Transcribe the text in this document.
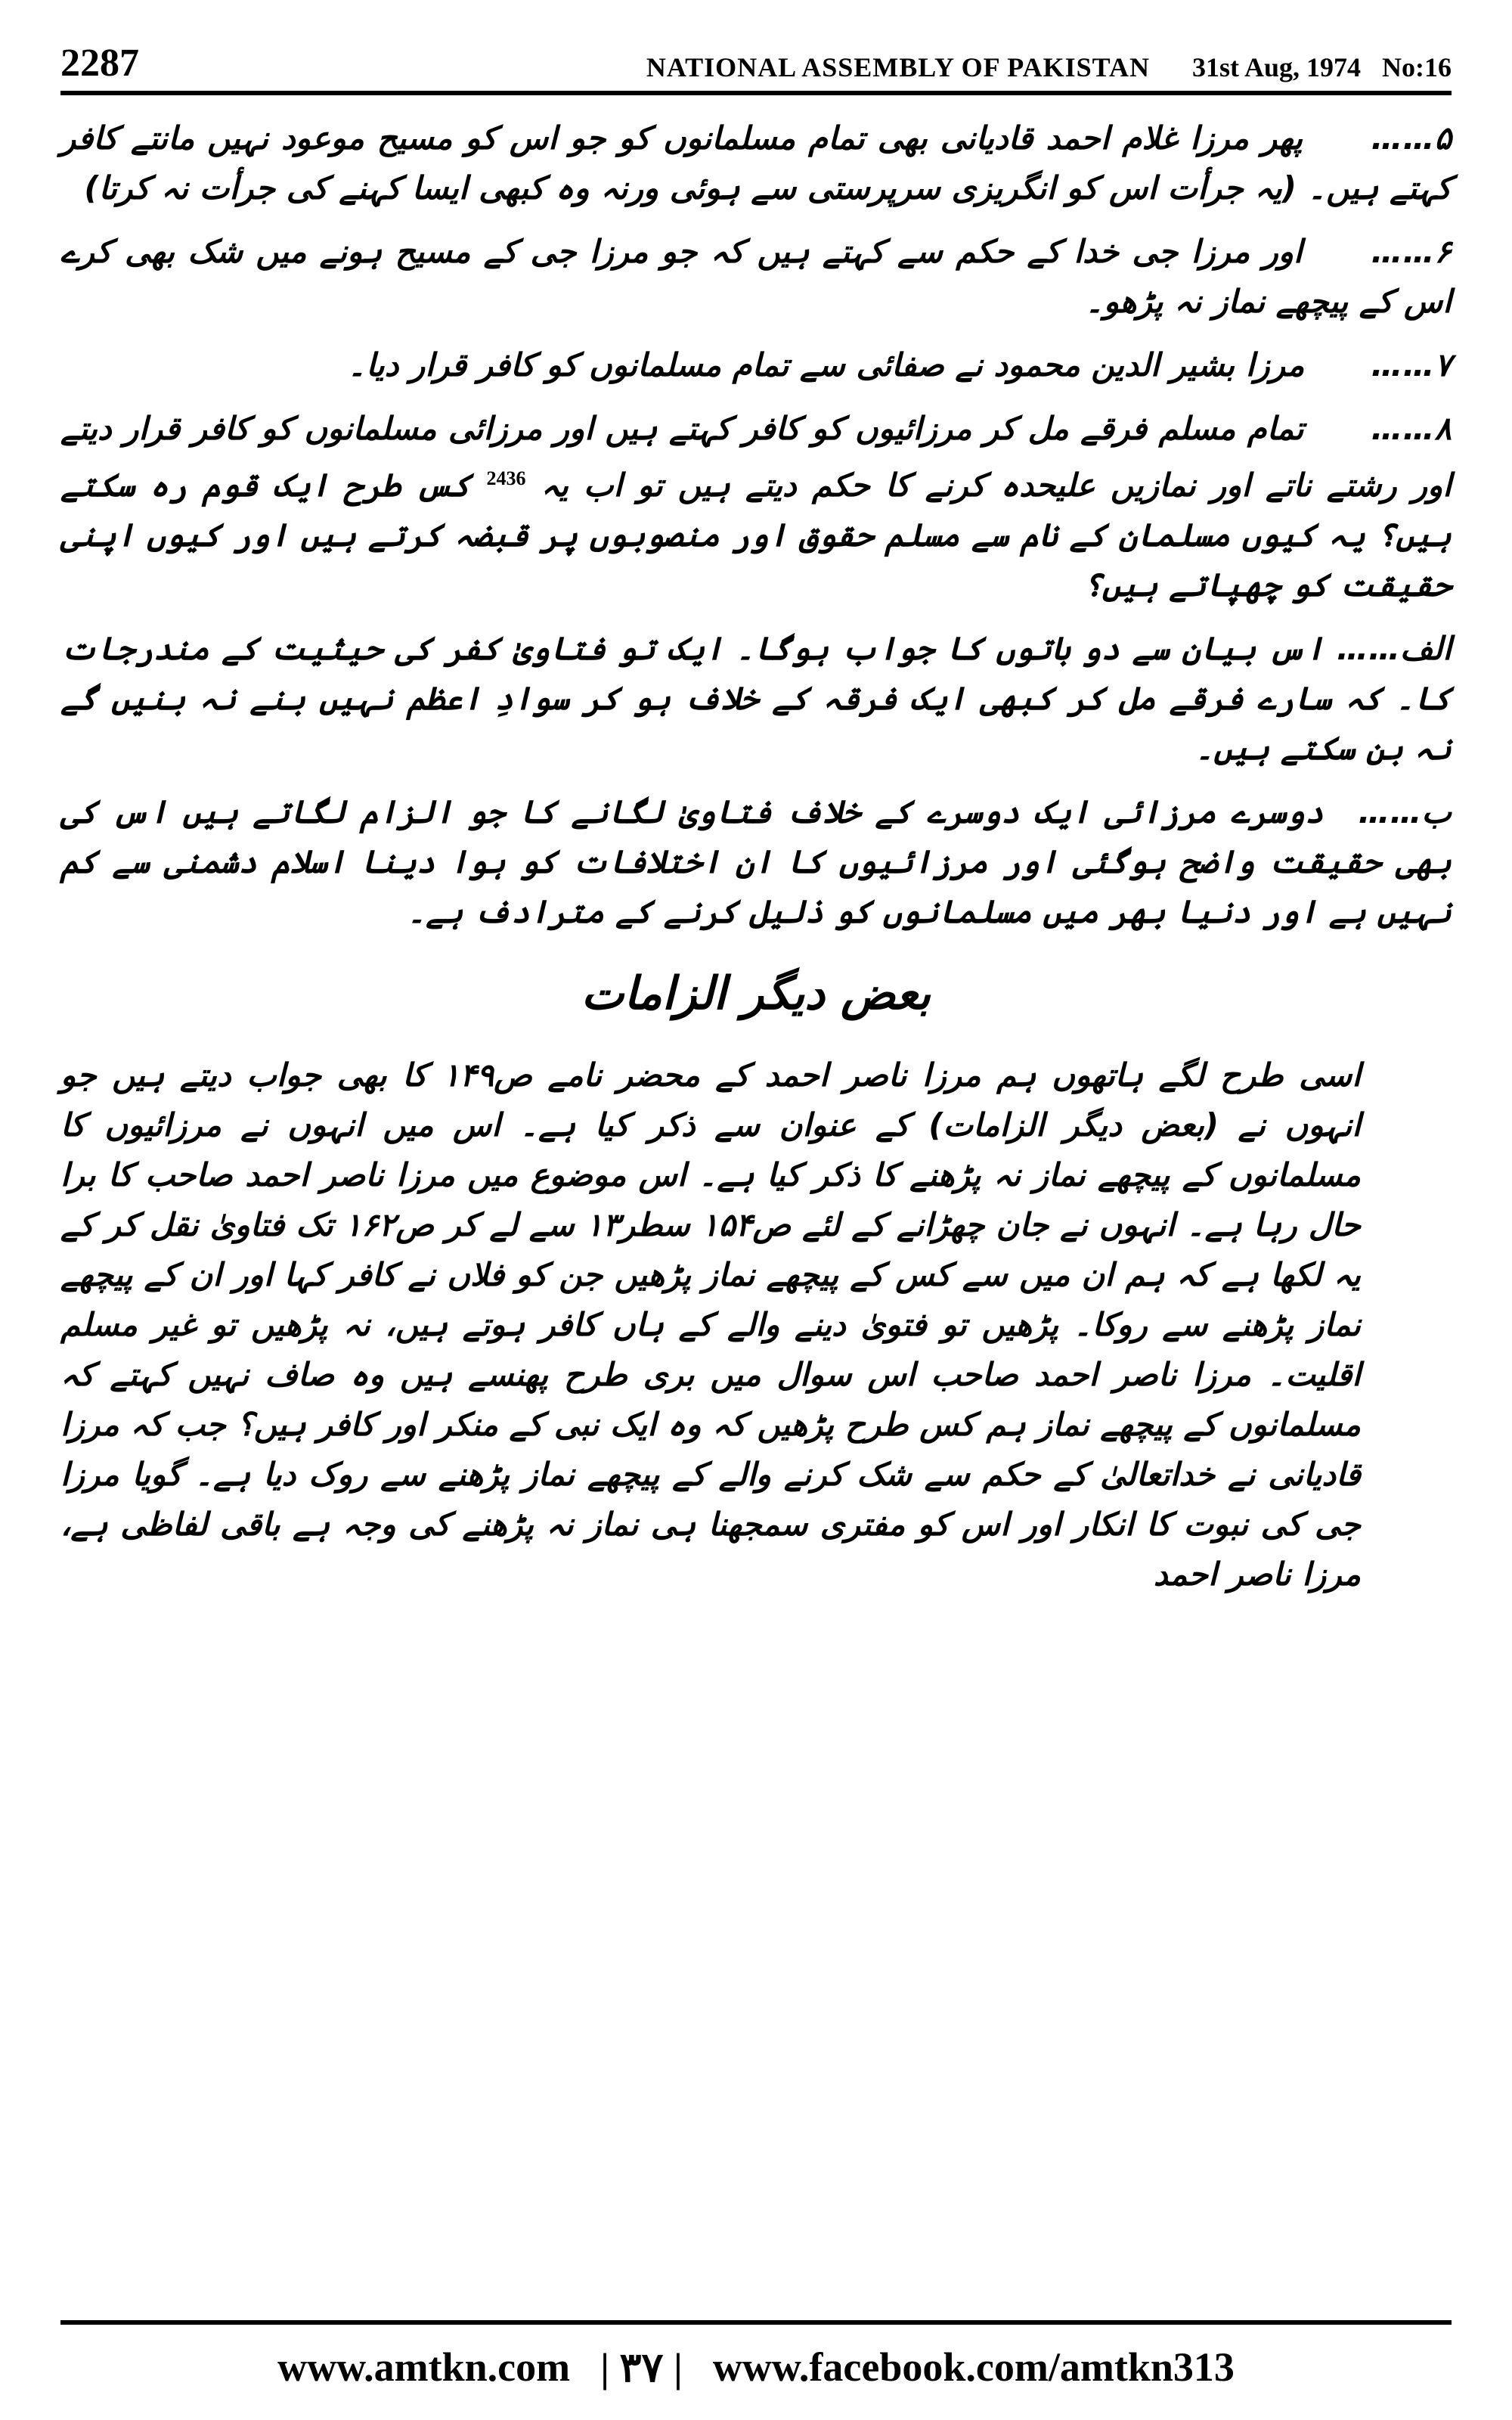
2287	NATIONAL ASSEMBLY OF PAKISTAN 31st Aug, 1974 No:16

۵…… پھر مرزا غلام احمد قادیانی بھی تمام مسلمانوں کو جو اس کو مسیح موعود نہیں مانتے کافر کہتے ہیں۔ (یہ جرأت اس کو انگریزی سرپرستی سے ہوئی ورنہ وہ کبھی ایسا کہنے کی جرأت نہ کرتا)

۶…… اور مرزا جی خدا کے حکم سے کہتے ہیں کہ جو مرزا جی کے مسیح ہونے میں شک بھی کرے اس کے پیچھے نماز نہ پڑھو۔

۷…… مرزا بشیر الدین محمود نے صفائی سے تمام مسلمانوں کو کافر قرار دیا۔

۸…… تمام مسلم فرقے مل کر مرزائیوں کو کافر کہتے ہیں اور مرزائی مسلمانوں کو کافر قرار دیتے اور رشتے ناتے اور نمازیں علیحدہ کرنے کا حکم دیتے ہیں تو اب یہ $^{2436}$ کس طرح ایک قوم رہ سکتے ہیں؟ یہ کیوں مسلمان کے نام سے مسلم حقوق اور منصوبوں پر قبضہ کرتے ہیں اور کیوں اپنی حقیقت کو چھپاتے ہیں؟

الف…… اس بیان سے دو باتوں کا جواب ہوگا۔ ایک تو فتاویٰ کفر کی حیثیت کے مندرجات کا۔ کہ سارے فرقے مل کر کبھی ایک فرقہ کے خلاف ہو کر سوادِ اعظم نہیں بنے نہ بنیں گے نہ بن سکتے ہیں۔

ب…… دوسرے مرزائی ایک دوسرے کے خلاف فتاویٰ لگانے کا جو الزام لگاتے ہیں اس کی بھی حقیقت واضح ہوگئی اور مرزائیوں کا ان اختلافات کو ہوا دینا اسلام دشمنی سے کم نہیں ہے اور دنیا بھر میں مسلمانوں کو ذلیل کرنے کے مترادف ہے۔

بعض دیگر الزامات

اسی طرح لگے ہاتھوں ہم مرزا ناصر احمد کے محضر نامے ص۱۴۹ کا بھی جواب دیتے ہیں جو انہوں نے (بعض دیگر الزامات) کے عنوان سے ذکر کیا ہے۔ اس میں انہوں نے مرزائیوں کا مسلمانوں کے پیچھے نماز نہ پڑھنے کا ذکر کیا ہے۔ اس موضوع میں مرزا ناصر احمد صاحب کا برا حال رہا ہے۔ انہوں نے جان چھڑانے کے لئے ص۱۵۴ سطر۱۳ سے لے کر ص۱۶۲ تک فتاویٰ نقل کر کے یہ لکھا ہے کہ ہم ان میں سے کس کے پیچھے نماز پڑھیں جن کو فلاں نے کافر کہا اور ان کے پیچھے نماز پڑھنے سے روکا۔ پڑھیں تو فتویٰ دینے والے کے ہاں کافر ہوتے ہیں، نہ پڑھیں تو غیر مسلم اقلیت۔ مرزا ناصر احمد صاحب اس سوال میں بری طرح پھنسے ہیں وہ صاف نہیں کہتے کہ مسلمانوں کے پیچھے نماز ہم کس طرح پڑھیں کہ وہ ایک نبی کے منکر اور کافر ہیں؟ جب کہ مرزا قادیانی نے خداتعالیٰ کے حکم سے شک کرنے والے کے پیچھے نماز پڑھنے سے روک دیا ہے۔ گویا مرزا جی کی نبوت کا انکار اور اس کو مفتری سمجھنا ہی نماز نہ پڑھنے کی وجہ ہے باقی لفاظی ہے، مرزا ناصر احمد

www.amtkn.com | ۳۷ | www.facebook.com/amtkn313
